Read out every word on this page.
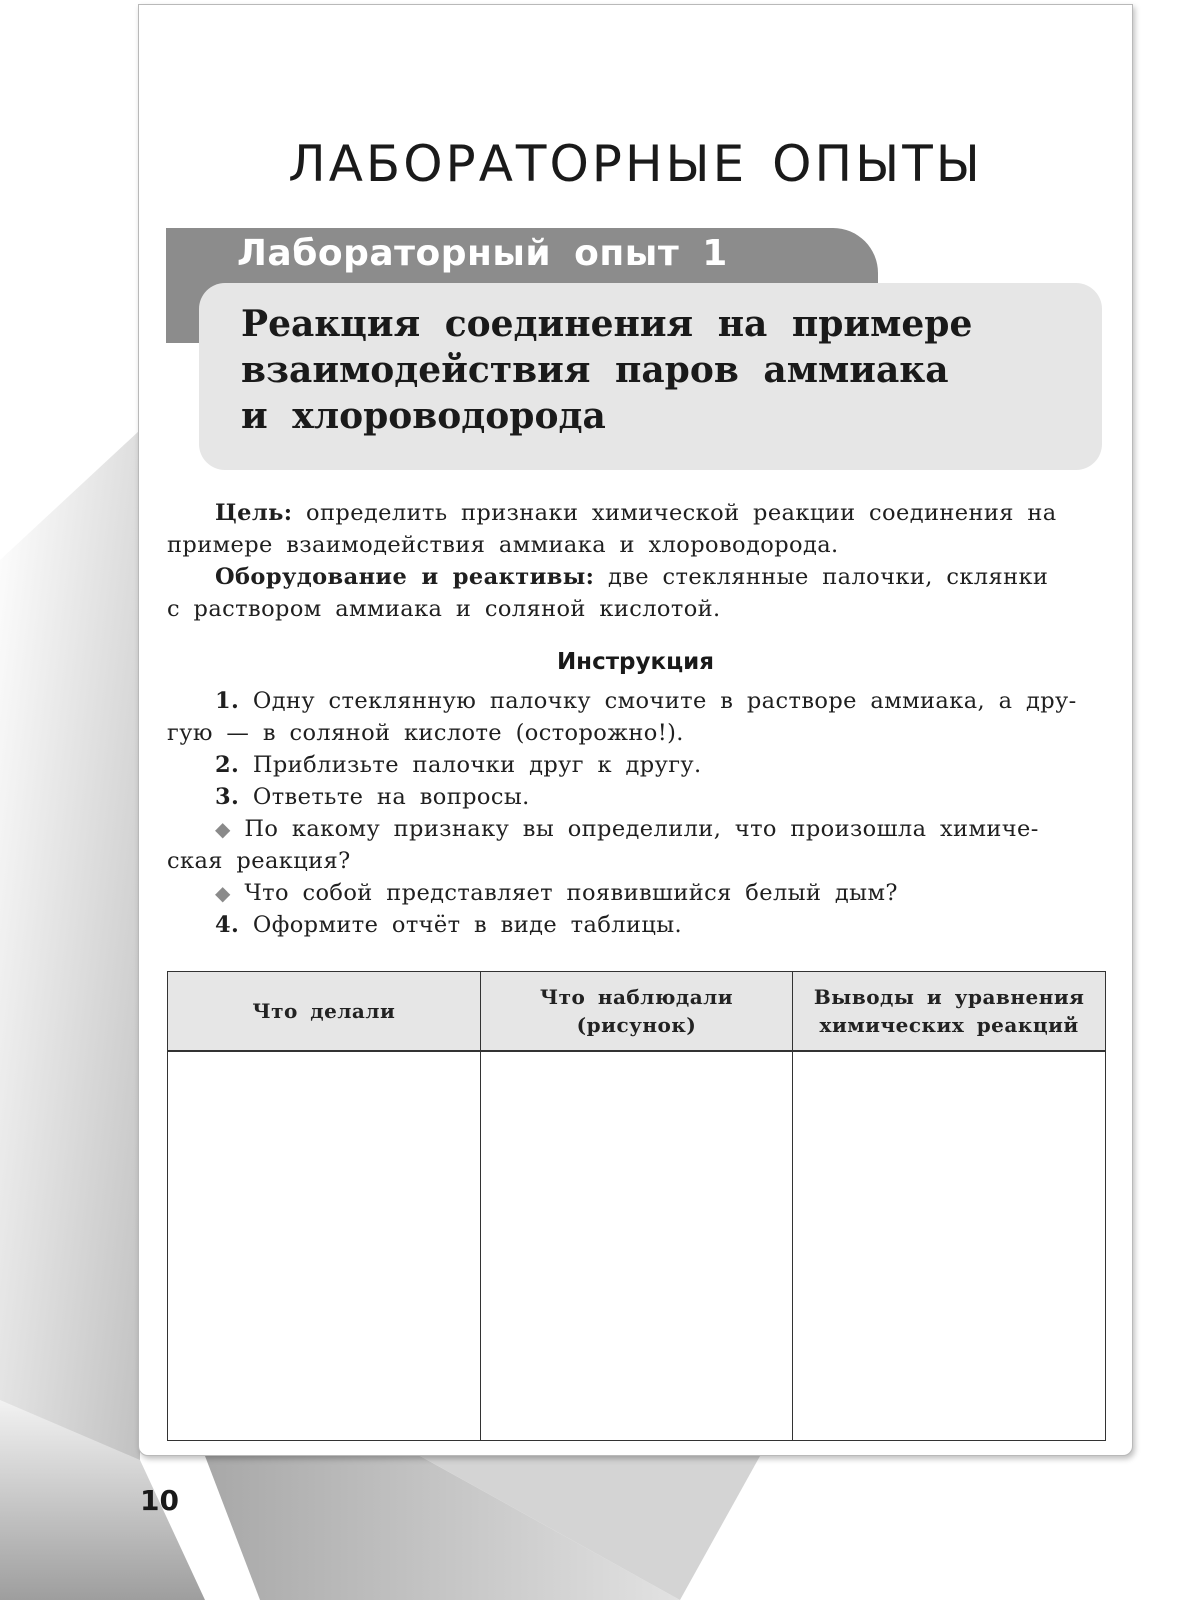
ЛАБОРАТОРНЫЕ ОПЫТЫ
Лабораторный опыт 1
Реакция соединения на примере
взаимодействия паров аммиака
и хлороводорода
Цель: определить признаки химической реакции соединения на
примере взаимодействия аммиака и хлороводорода.
Оборудование и реактивы: две стеклянные палочки, склянки
с раствором аммиака и соляной кислотой.
Инструкция
1. Одну стеклянную палочку смочите в растворе аммиака, а дру-
гую — в соляной кислоте (осторожно!).
2. Приблизьте палочки друг к другу.
3. Ответьте на вопросы.
◆ По какому признаку вы определили, что произошла химиче-
ская реакция?
◆ Что собой представляет появившийся белый дым?
4. Оформите отчёт в виде таблицы.
Что делали	Что наблюдали (рисунок)	Выводы и уравнения химических реакций

10
